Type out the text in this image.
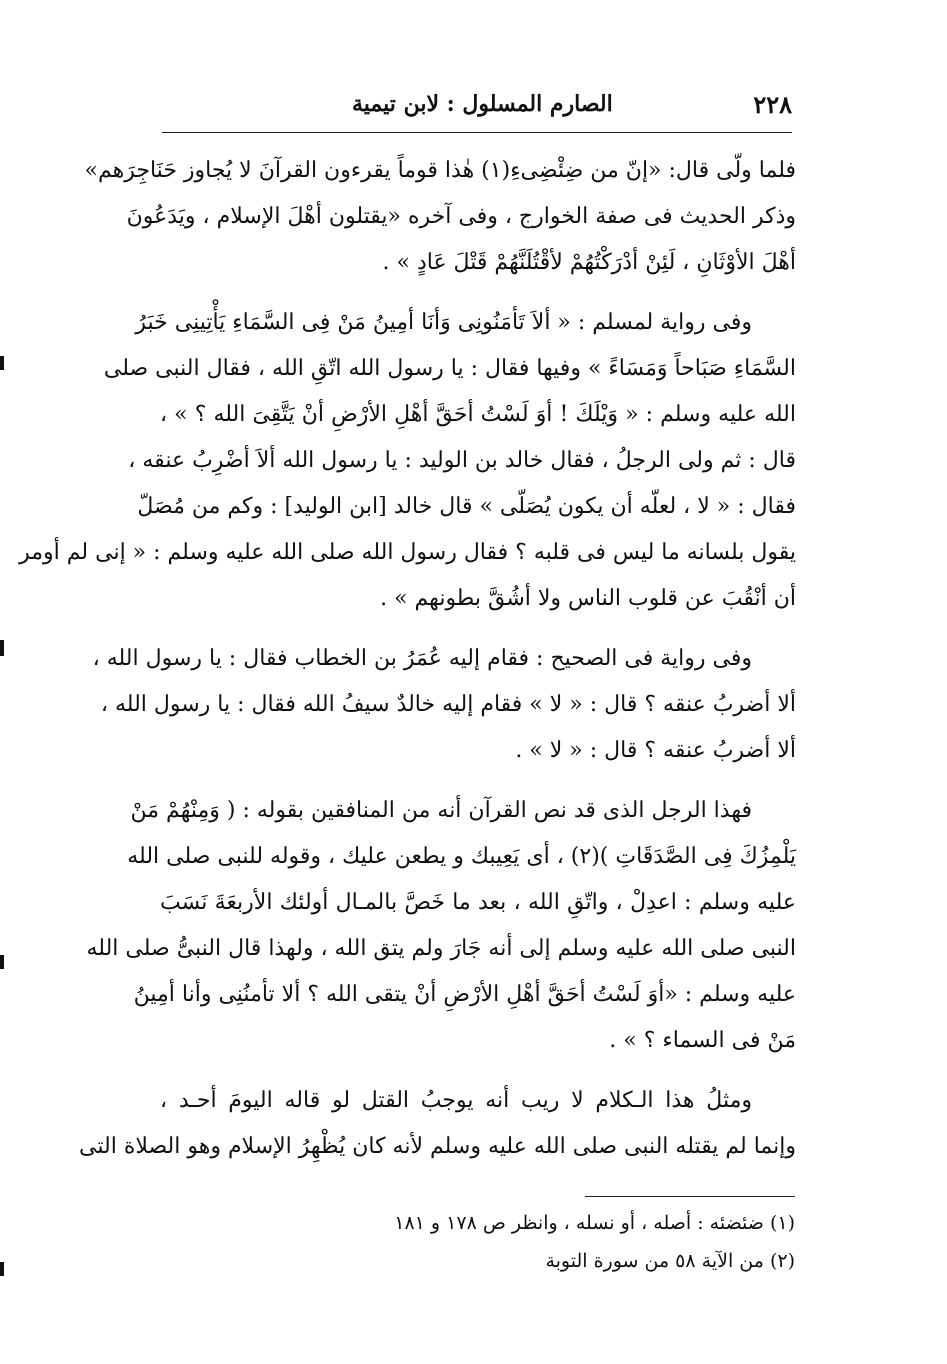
٢٢٨
الصارم المسلول : لابن تيمية
فلما ولّى قال: «إنّ من ضِئْضِىءِ(١) هٰذا قوماً يقرءون القرآنَ لا يُجاوز حَنَاجِرَهم»
وذكر الحديث فى صفة الخوارج ، وفى آخره «يقتلون أهْلَ الإسلام ، ويَدَعُونَ
أهْلَ الأوْثَانِ ، لَئِنْ أدْرَكْتُهُمْ لأقْتُلَنَّهُمْ قَتْلَ عَادٍ » .
وفى رواية لمسلم : « ألاَ تَأمَنُونِى وَأنَا أمِينُ مَنْ فِى السَّمَاءِ يَأْتِينِى خَبَرُ
السَّمَاءِ صَبَاحاً وَمَسَاءً » وفيها فقال : يا رسول الله اتّقِ الله ، فقال النبى صلى
الله عليه وسلم : « وَيْلَكَ ! أوَ لَسْتُ أحَقَّ أهْلِ الأرْضِ أنْ يَتَّقِىَ الله ؟ » ،
قال : ثم ولى الرجلُ ، فقال خالد بن الوليد : يا رسول الله ألاَ أضْرِبُ عنقه ،
فقال : « لا ، لعلّه أن يكون يُصَلّى » قال خالد [ابن الوليد] : وكم من مُصَلّ
يقول بلسانه ما ليس فى قلبه ؟ فقال رسول الله صلى الله عليه وسلم : « إنى لم أومر
أن أنْقُبَ عن قلوب الناس ولا أشُقَّ بطونهم » .
وفى رواية فى الصحيح : فقام إليه عُمَرُ بن الخطاب فقال : يا رسول الله ،
ألا أضربُ عنقه ؟ قال : « لا » فقام إليه خالدٌ سيفُ الله فقال : يا رسول الله ،
ألا أضربُ عنقه ؟ قال : « لا » .
فهذا الرجل الذى قد نص القرآن أنه من المنافقين بقوله : ( وَمِنْهُمْ مَنْ
يَلْمِزُكَ فِى الصَّدَقَاتِ )(٢) ، أى يَعِيبك و يطعن عليك ، وقوله للنبى صلى الله
عليه وسلم : اعدِلْ ، واتّقِ الله ، بعد ما خَصَّ بالمـال أولئك الأربعَةَ نَسَبَ
النبى صلى الله عليه وسلم إلى أنه جَارَ ولم يتق الله ، ولهذا قال النبىُّ صلى الله
عليه وسلم : «أوَ لَسْتُ أحَقَّ أهْلِ الأرْضِ أنْ يتقى الله ؟ ألا تأمنُنِى وأنا أمِينُ
مَنْ فى السماء ؟ » .
ومثلُ هذا الـكلام لا ريب أنه يوجبُ القتل لو قاله اليومَ أحـد ،
وإنما لم يقتله النبى صلى الله عليه وسلم لأنه كان يُظْهِرُ الإسلام وهو الصلاة التى
(١) ضئضئه : أصله ، أو نسله ، وانظر ص ١٧٨ و ١٨١
(٢) من الآية ٥٨ من سورة التوبة
